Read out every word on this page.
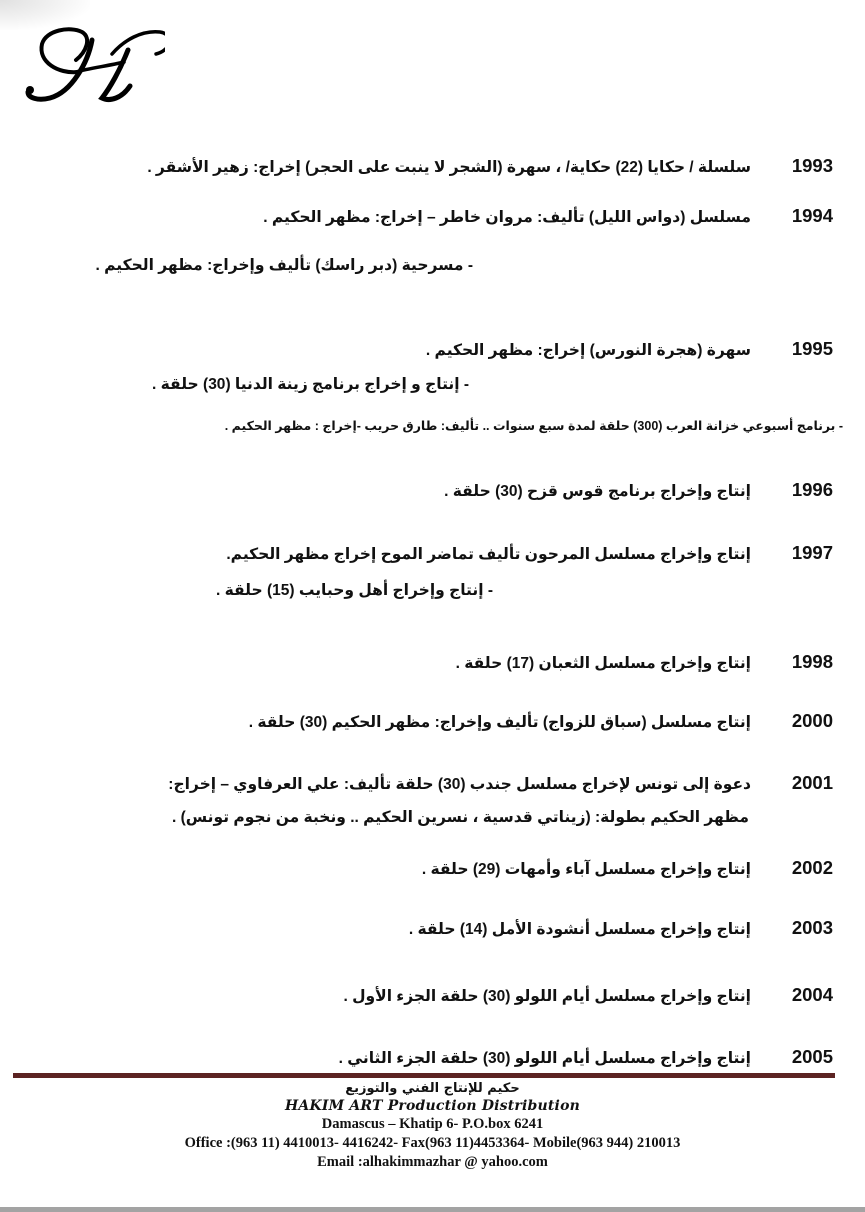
1993
سلسلة / حكايا (22) حكاية/ ، سهرة (الشجر لا ينبت على الحجر) إخراج: زهير الأشقر .
1994
مسلسل (دواس الليل) تأليف: مروان خاطر – إخراج: مظهر الحكيم .
- مسرحية (دبر راسك) تأليف وإخراج: مظهر الحكيم .
1995
سهرة (هجرة النورس) إخراج: مظهر الحكيم .
- إنتاج و إخراج برنامج زينة الدنيا (30) حلقة .
- برنامج أسبوعي خزانة العرب (300) حلقة لمدة سبع سنوات .. تأليف: طارق حريب -إخراج : مظهر الحكيم .
1996
إنتاج وإخراج برنامج قوس قزح (30) حلقة .
1997
إنتاج وإخراج مسلسل المرحون تأليف تماضر الموح إخراج مظهر الحكيم.
- إنتاج وإخراج أهل وحبايب (15) حلقة .
1998
إنتاج وإخراج مسلسل الثعبان (17) حلقة .
2000
إنتاج مسلسل (سباق للزواج) تأليف وإخراج: مظهر الحكيم (30) حلقة .
2001
دعوة إلى تونس لإخراج مسلسل جندب (30) حلقة تأليف: علي العرفاوي – إخراج:
مظهر الحكيم بطولة: (زيناتي قدسية ، نسرين الحكيم .. ونخبة من نجوم تونس) .
2002
إنتاج وإخراج مسلسل آباء وأمهات (29) حلقة .
2003
إنتاج وإخراج مسلسل أنشودة الأمل (14) حلقة .
2004
إنتاج وإخراج مسلسل أيام اللولو (30) حلقة الجزء الأول .
2005
إنتاج وإخراج مسلسل أيام اللولو (30) حلقة الجزء الثاني .
حكيم للإنتاج الفني والتوزيع
HAKIM ART Production Distribution
Damascus – Khatip 6- P.O.box 6241
Office :(963 11) 4410013- 4416242- Fax(963 11)4453364- Mobile(963 944) 210013
Email :alhakimmazhar @ yahoo.com
